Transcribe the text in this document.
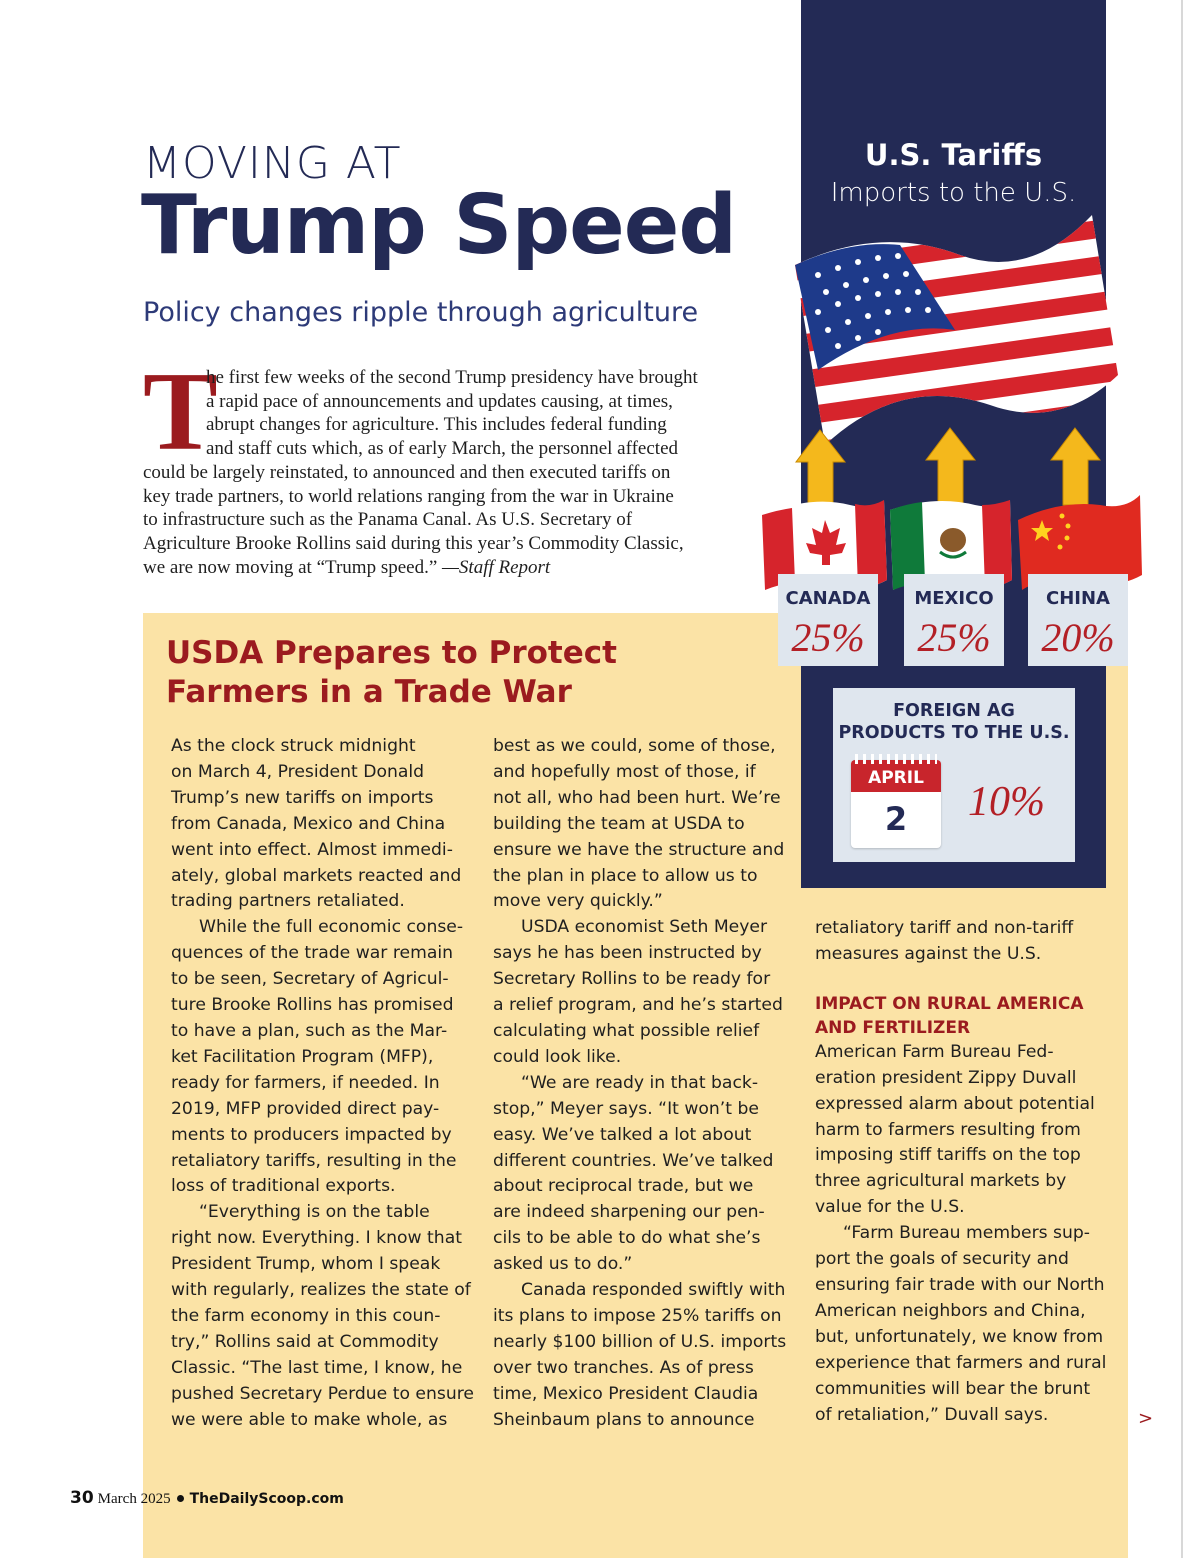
MOVING AT
Trump Speed
Policy changes ripple through agriculture
T
he first few weeks of the second Trump presidency have brought
a rapid pace of announcements and updates causing, at times,
abrupt changes for agriculture. This includes federal funding
and staff cuts which, as of early March, the personnel affected
could be largely reinstated, to announced and then executed tariffs on
key trade partners, to world relations ranging from the war in Ukraine
to infrastructure such as the Panama Canal. As U.S. Secretary of
Agriculture Brooke Rollins said during this year’s Commodity Classic,
we are now moving at “Trump speed.” —Staff Report
USDA Prepares to Protect
Farmers in a Trade War
As the clock struck midnight
on March 4, President Donald
Trump’s new tariffs on imports
from Canada, Mexico and China
went into effect. Almost immedi-
ately, global markets reacted and
trading partners retaliated.
While the full economic conse-
quences of the trade war remain
to be seen, Secretary of Agricul-
ture Brooke Rollins has promised
to have a plan, such as the Mar-
ket Facilitation Program (MFP),
ready for farmers, if needed. In
2019, MFP provided direct pay-
ments to producers impacted by
retaliatory tariffs, resulting in the
loss of traditional exports.
“Everything is on the table
right now. Everything. I know that
President Trump, whom I speak
with regularly, realizes the state of
the farm economy in this coun-
try,” Rollins said at Commodity
Classic. “The last time, I know, he
pushed Secretary Perdue to ensure
we were able to make whole, as
best as we could, some of those,
and hopefully most of those, if
not all, who had been hurt. We’re
building the team at USDA to
ensure we have the structure and
the plan in place to allow us to
move very quickly.”
USDA economist Seth Meyer
says he has been instructed by
Secretary Rollins to be ready for
a relief program, and he’s started
calculating what possible relief
could look like.
“We are ready in that back-
stop,” Meyer says. “It won’t be
easy. We’ve talked a lot about
different countries. We’ve talked
about reciprocal trade, but we
are indeed sharpening our pen-
cils to be able to do what she’s
asked us to do.”
Canada responded swiftly with
its plans to impose 25% tariffs on
nearly $100 billion of U.S. imports
over two tranches. As of press
time, Mexico President Claudia
Sheinbaum plans to announce
retaliatory tariff and non-tariff
measures against the U.S.
IMPACT ON RURAL AMERICA
AND FERTILIZER
American Farm Bureau Fed-
eration president Zippy Duvall
expressed alarm about potential
harm to farmers resulting from
imposing stiff tariffs on the top
three agricultural markets by
value for the U.S.
“Farm Bureau members sup-
port the goals of security and
ensuring fair trade with our North
American neighbors and China,
but, unfortunately, we know from
experience that farmers and rural
communities will bear the brunt
of retaliation,” Duvall says.	>
30 March 2025 TheDailyScoop.com
U.S. Tariffs
Imports to the U.S.
CANADA
25%
MEXICO
25%
CHINA
20%
FOREIGN AG
PRODUCTS TO THE U.S.
APRIL
2	10%
